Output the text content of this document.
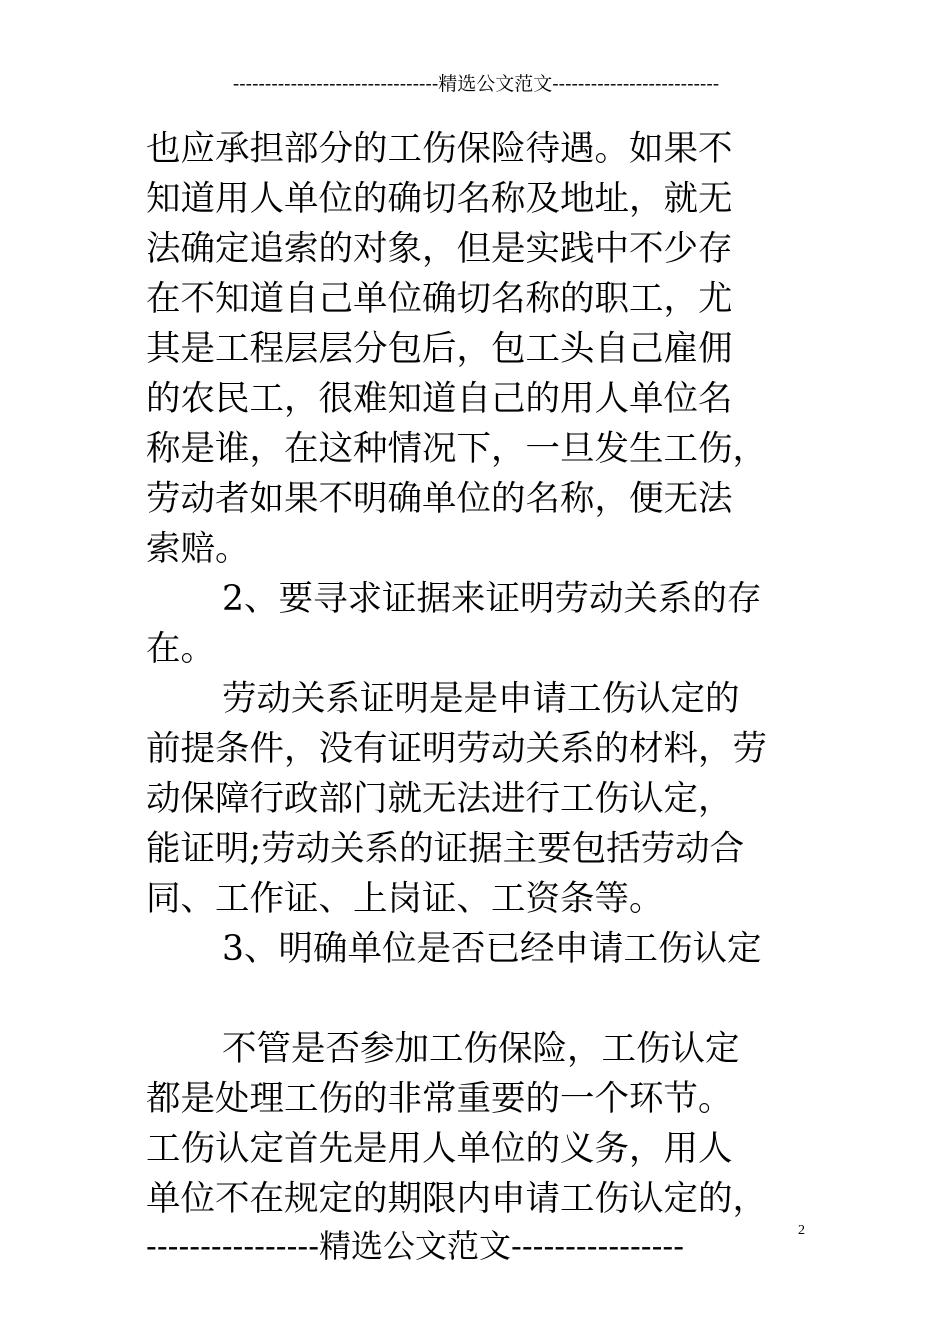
--------------------------------精选公文范文--------------------------
也应承担部分的工伤保险待遇。如果不
知道用人单位的确切名称及地址，就无
法确定追索的对象，但是实践中不少存
在不知道自己单位确切名称的职工，尤
其是工程层层分包后，包工头自己雇佣
的农民工，很难知道自己的用人单位名
称是谁，在这种情况下，一旦发生工伤，
劳动者如果不明确单位的名称，便无法
索赔。
2、要寻求证据来证明劳动关系的存
在。
劳动关系证明是是申请工伤认定的
前提条件，没有证明劳动关系的材料，劳
动保障行政部门就无法进行工伤认定，
能证明;劳动关系的证据主要包括劳动合
同、工作证、上岗证、工资条等。
3、明确单位是否已经申请工伤认定
不管是否参加工伤保险，工伤认定
都是处理工伤的非常重要的一个环节。
工伤认定首先是用人单位的义务，用人
单位不在规定的期限内申请工伤认定的，
----------------精选公文范文----------------	2
